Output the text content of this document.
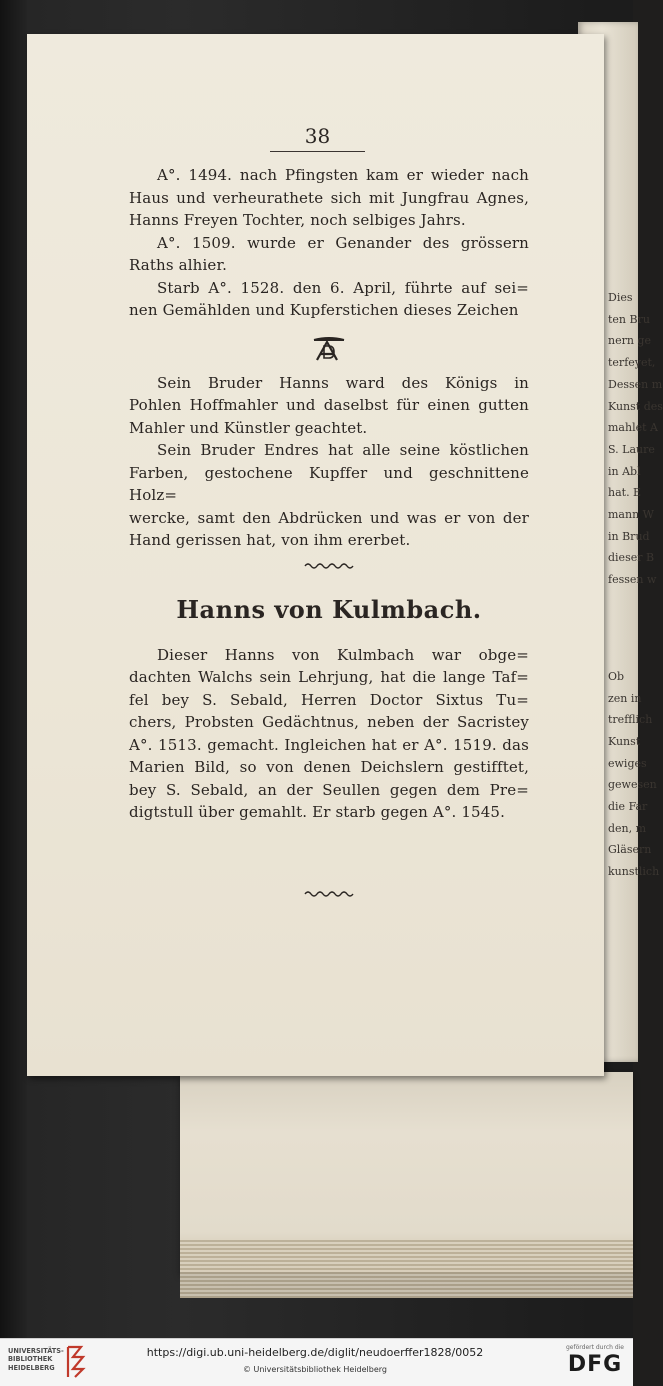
Dies
ten Bru
nern ge
terfeyet,
Dessen m
Kunst des
mahlet A
S. Laure
in Abl
hat. E
mann W
in Brud
dieser B
fessen w
Ob
zen in
trefflich
Kunst
ewiges
gewesen
die Far
den, m
Gläsern
kunstlich
38
A°. 1494. nach Pfingsten kam er wieder nach
Haus und verheurathete sich mit Jungfrau Agnes,
Hanns Freyen Tochter, noch selbiges Jahrs.
A°. 1509. wurde er Genander des grössern
Raths alhier.
Starb A°. 1528. den 6. April, führte auf sei=
nen Gemählden und Kupferstichen dieses Zeichen
Sein Bruder Hanns ward des Königs in
Pohlen Hoffmahler und daselbst für einen gutten
Mahler und Künstler geachtet.
Sein Bruder Endres hat alle seine köstlichen
Farben, gestochene Kupffer und geschnittene Holz=
wercke, samt den Abdrücken und was er von der
Hand gerissen hat, von ihm ererbet.
Hanns von Kulmbach.
Dieser Hanns von Kulmbach war obge=
dachten Walchs sein Lehrjung, hat die lange Taf=
fel bey S. Sebald, Herren Doctor Sixtus Tu=
chers, Probsten Gedächtnus, neben der Sacristey
A°. 1513. gemacht. Ingleichen hat er A°. 1519. das
Marien Bild, so von denen Deichslern gestifftet,
bey S. Sebald, an der Seullen gegen dem Pre=
digtstull über gemahlt. Er starb gegen A°. 1545.
UNIVERSITÄTS-
BIBLIOTHEK
HEIDELBERG
https://digi.ub.uni-heidelberg.de/diglit/neudoerffer1828/0052
© Universitätsbibliothek Heidelberg
gefördert durch die
DFG
